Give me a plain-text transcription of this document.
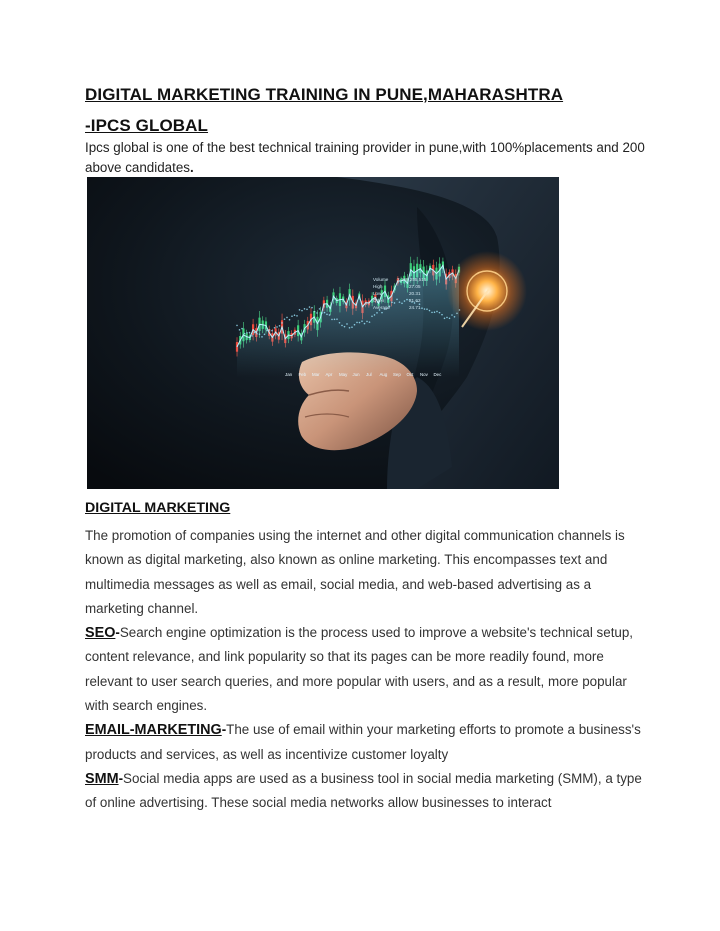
DIGITAL MARKETING TRAINING IN PUNE,MAHARASHTRA
-IPCS GLOBAL
Ipcs global is one of the best technical training provider in pune,with 100%placements and 200 above candidates.
Volume
High
Low
Open
Average
3,108,255,515
27.05
20.31
21.62
24.71
Jan Feb Mar Apr May Jun Jul Aug Sep Oct Nov Dec
DIGITAL MARKETING

The promotion of companies using the internet and other digital communication channels is known as digital marketing, also known as online marketing. This encompasses text and multimedia messages as well as email, social media, and web-based advertising as a marketing channel.

SEO-Search engine optimization is the process used to improve a website's technical setup, content relevance, and link popularity so that its pages can be more readily found, more relevant to user search queries, and more popular with users, and as a result, more popular with search engines.

EMAIL-MARKETING-The use of email within your marketing efforts to promote a business's products and services, as well as incentivize customer loyalty

SMM-Social media apps are used as a business tool in social media marketing (SMM), a type of online advertising. These social media networks allow businesses to interact
